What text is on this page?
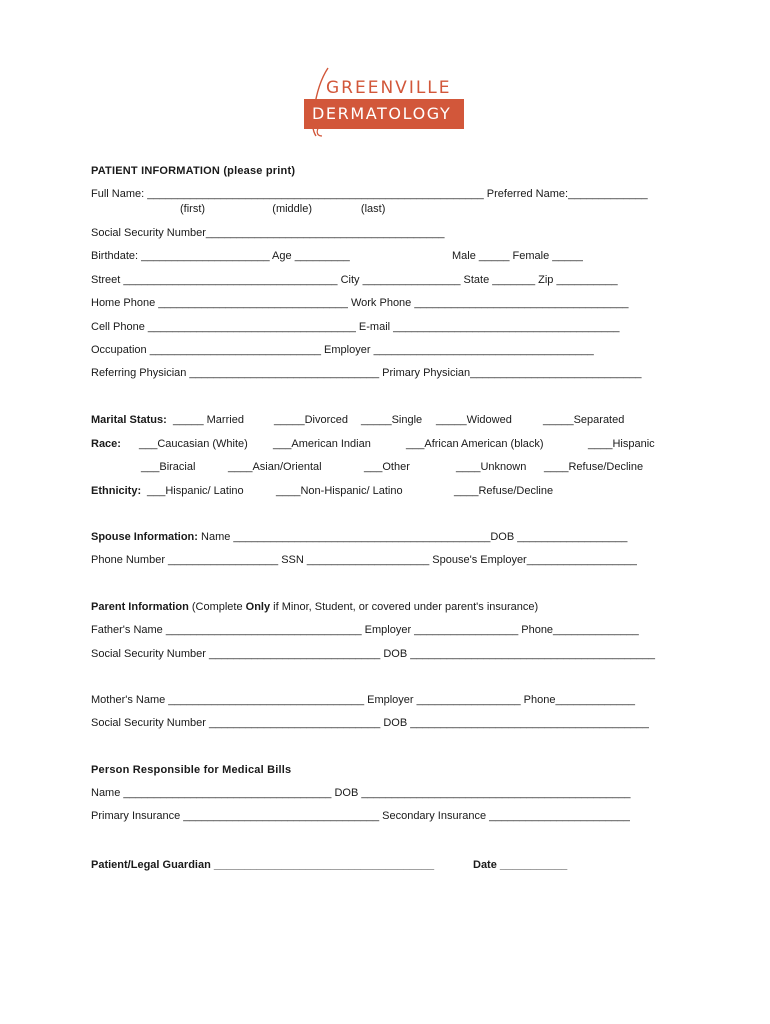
GREENVILLE
DERMATOLOGY
PATIENT INFORMATION (please print)
Full Name: _______________________________________________________ Preferred Name:_____________
(first)                      (middle)                (last)
Social Security Number_______________________________________
Birthdate: _____________________ Age _________	Male _____ Female _____
Street ___________________________________ City ________________ State _______ Zip __________
Home Phone _______________________________ Work Phone ___________________________________
Cell Phone __________________________________ E-mail _____________________________________
Occupation ____________________________ Employer ____________________________________
Referring Physician _______________________________ Primary Physician____________________________
Marital Status: _____ Married	_____Divorced _____Single _____Widowed	_____Separated
Race: ___Caucasian (White) ___American Indian	___African American (black)	____Hispanic
___Biracial	____Asian/Oriental	___Other	____Unknown ____Refuse/Decline
Ethnicity: ___Hispanic/ Latino	____Non-Hispanic/ Latino	____Refuse/Decline
Spouse Information: Name __________________________________________DOB __________________
Phone Number __________________ SSN ____________________ Spouse's Employer__________________
Parent Information (Complete Only if Minor, Student, or covered under parent's insurance)
Father's Name ________________________________ Employer _________________ Phone______________
Social Security Number ____________________________ DOB ________________________________________
Mother's Name ________________________________ Employer _________________ Phone_____________
Social Security Number ____________________________ DOB _______________________________________
Person Responsible for Medical Bills
Name __________________________________ DOB ____________________________________________
Primary Insurance ________________________________ Secondary Insurance _______________________
Patient/Legal Guardian ____________________________________	Date ___________
